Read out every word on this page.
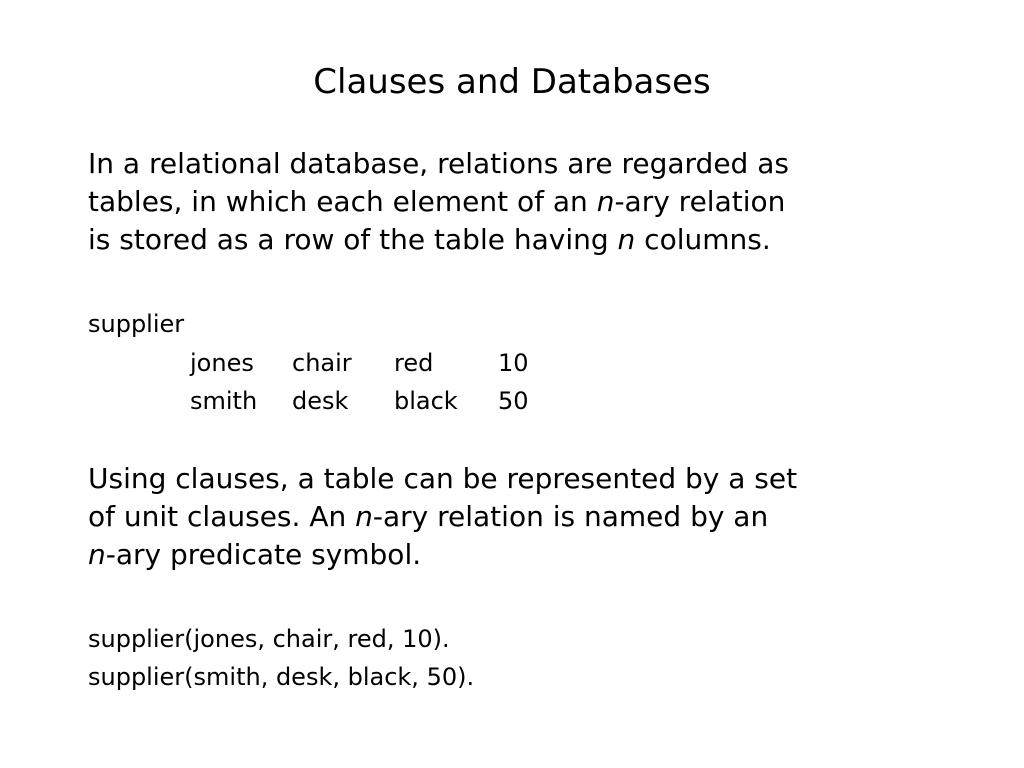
Clauses and Databases

In a relational database, relations are regarded as
tables, in which each element of an n-ary relation
is stored as a row of the table having n columns.

supplier

jones	chair	red	10
smith	desk	black	50

Using clauses, a table can be represented by a set
of unit clauses. An n-ary relation is named by an
n-ary predicate symbol.

supplier(jones, chair, red, 10).
supplier(smith, desk, black, 50).
